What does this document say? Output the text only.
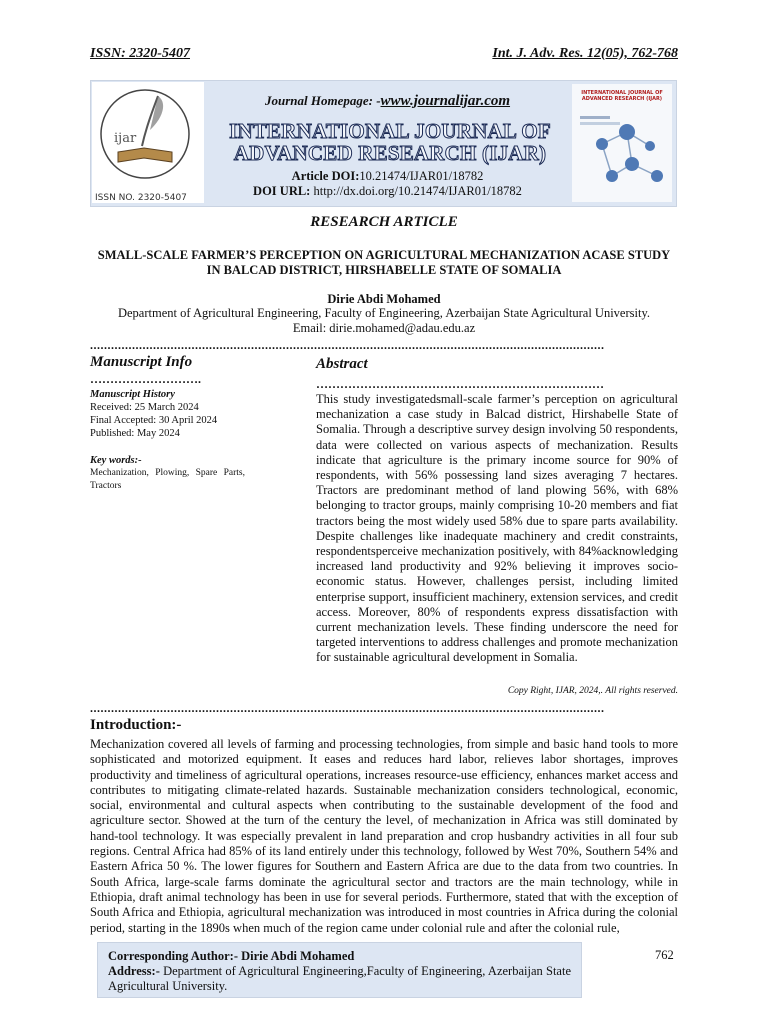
ISSN: 2320-5407	Int. J. Adv. Res. 12(05), 762-768
ijar
ISSN NO. 2320-5407
INTERNATIONAL JOURNAL OF ADVANCED RESEARCH (IJAR)
Journal Homepage: -www.journalijar.com
INTERNATIONAL JOURNAL OF
ADVANCED RESEARCH (IJAR)
Article DOI:10.21474/IJAR01/18782
DOI URL: http://dx.doi.org/10.21474/IJAR01/18782
RESEARCH ARTICLE
SMALL-SCALE FARMER’S PERCEPTION ON AGRICULTURAL MECHANIZATION ACASE STUDY
IN BALCAD DISTRICT, HIRSHABELLE STATE OF SOMALIA
Dirie Abdi Mohamed
Department of Agricultural Engineering, Faculty of Engineering, Azerbaijan State Agricultural University.
Email: dirie.mohamed@adau.edu.az
...................................................................................................................................................
Manuscript Info
……………………….
Manuscript History
Received: 25 March 2024
Final Accepted: 30 April 2024
Published: May 2024
Key words:-
Mechanization, Plowing, Spare Parts, Tractors
Abstract
………………………………………………………………
This study investigatedsmall-scale farmer’s perception on agricultural mechanization a case study in Balcad district, Hirshabelle State of Somalia. Through a descriptive survey design involving 50 respondents, data were collected on various aspects of mechanization. Results indicate that agriculture is the primary income source for 90% of respondents, with 56% possessing land sizes averaging 7 hectares. Tractors are predominant method of land plowing 56%, with 68% belonging to tractor groups, mainly comprising 10-20 members and fiat tractors being the most widely used 58% due to spare parts availability. Despite challenges like inadequate machinery and credit constraints, respondentsperceive mechanization positively, with 84%acknowledging increased land productivity and 92% believing it improves socio-economic status. However, challenges persist, including limited enterprise support, insufficient machinery, extension services, and credit access. Moreover, 80% of respondents express dissatisfaction with current mechanization levels. These finding underscore the need for targeted interventions to address challenges and promote mechanization for sustainable agricultural development in Somalia.
Copy Right, IJAR, 2024,. All rights reserved.
...................................................................................................................................................
Introduction:-
Mechanization covered all levels of farming and processing technologies, from simple and basic hand tools to more sophisticated and motorized equipment. It eases and reduces hard labor, relieves labor shortages, improves productivity and timeliness of agricultural operations, increases resource-use efficiency, enhances market access and contributes to mitigating climate-related hazards. Sustainable mechanization considers technological, economic, social, environmental and cultural aspects when contributing to the sustainable development of the food and agriculture sector. Showed at the turn of the century the level, of mechanization in Africa was still dominated by hand-tool technology. It was especially prevalent in land preparation and crop husbandry activities in all four sub regions. Central Africa had 85% of its land entirely under this technology, followed by West 70%, Southern 54% and Eastern Africa 50 %. The lower figures for Southern and Eastern Africa are due to the data from two countries. In South Africa, large-scale farms dominate the agricultural sector and tractors are the main technology, while in Ethiopia, draft animal technology has been in use for several periods. Furthermore, stated that with the exception of South Africa and Ethiopia, agricultural mechanization was introduced in most countries in Africa during the colonial period, starting in the 1890s when much of the region came under colonial rule and after the colonial rule,
Corresponding Author:- Dirie Abdi Mohamed
Address:- Department of Agricultural Engineering,Faculty of Engineering, Azerbaijan State Agricultural University.
762
